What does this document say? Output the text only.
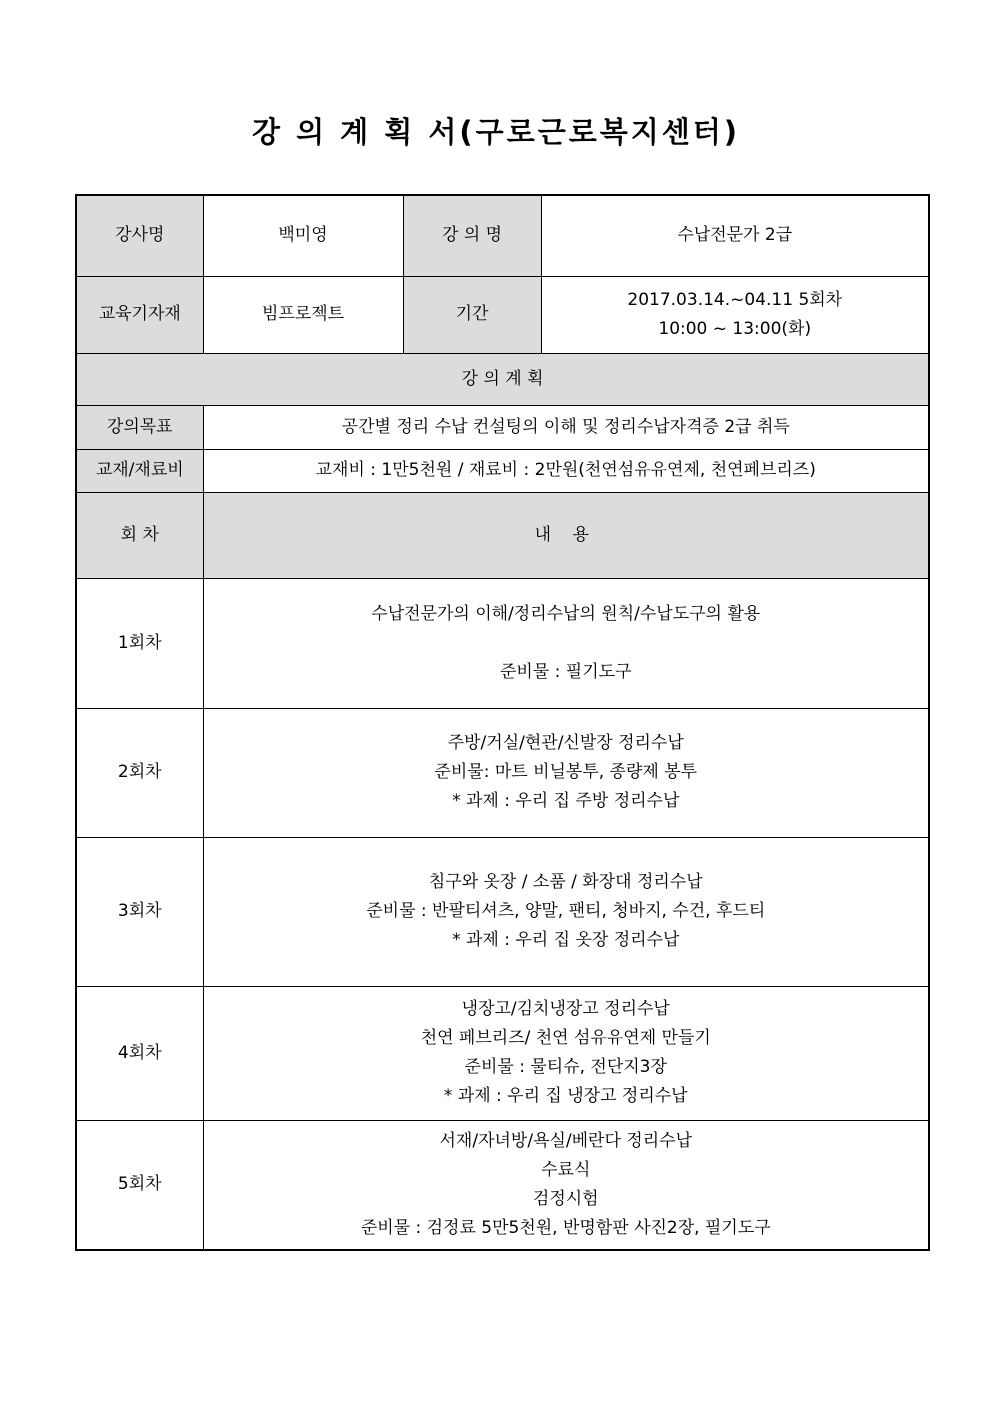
강 의 계 획 서(구로근로복지센터)
강사명	백미영	강 의 명	수납전문가 2급
교육기자재	빔프로젝트	기간	2017.03.14.~04.11 5회차
10:00 ~ 13:00(화)

강 의 계 획			
강의목표	공간별 정리 수납 컨설팅의 이해 및 정리수납자격증 2급 취득		
교재/재료비	교재비 : 1만5천원 / 재료비 : 2만원(천연섬유유연제, 천연페브리즈)		
회 차	내 용		
1회차	수납전문가의 이해/정리수납의 원칙/수납도구의 활용
준비물 : 필기도구		

2회차	주방/거실/현관/신발장 정리수납
준비물: 마트 비닐봉투, 종량제 봉투
* 과제 : 우리 집 주방 정리수납		

3회차	침구와 옷장 / 소품 / 화장대 정리수납
준비물 : 반팔티셔츠, 양말, 팬티, 청바지, 수건, 후드티
* 과제 : 우리 집 옷장 정리수납		

4회차	냉장고/김치냉장고 정리수납
천연 페브리즈/ 천연 섬유유연제 만들기
준비물 : 물티슈, 전단지3장
* 과제 : 우리 집 냉장고 정리수납		

5회차	서재/자녀방/욕실/베란다 정리수납
수료식
검정시험
준비물 : 검정료 5만5천원, 반명함판 사진2장, 필기도구		
